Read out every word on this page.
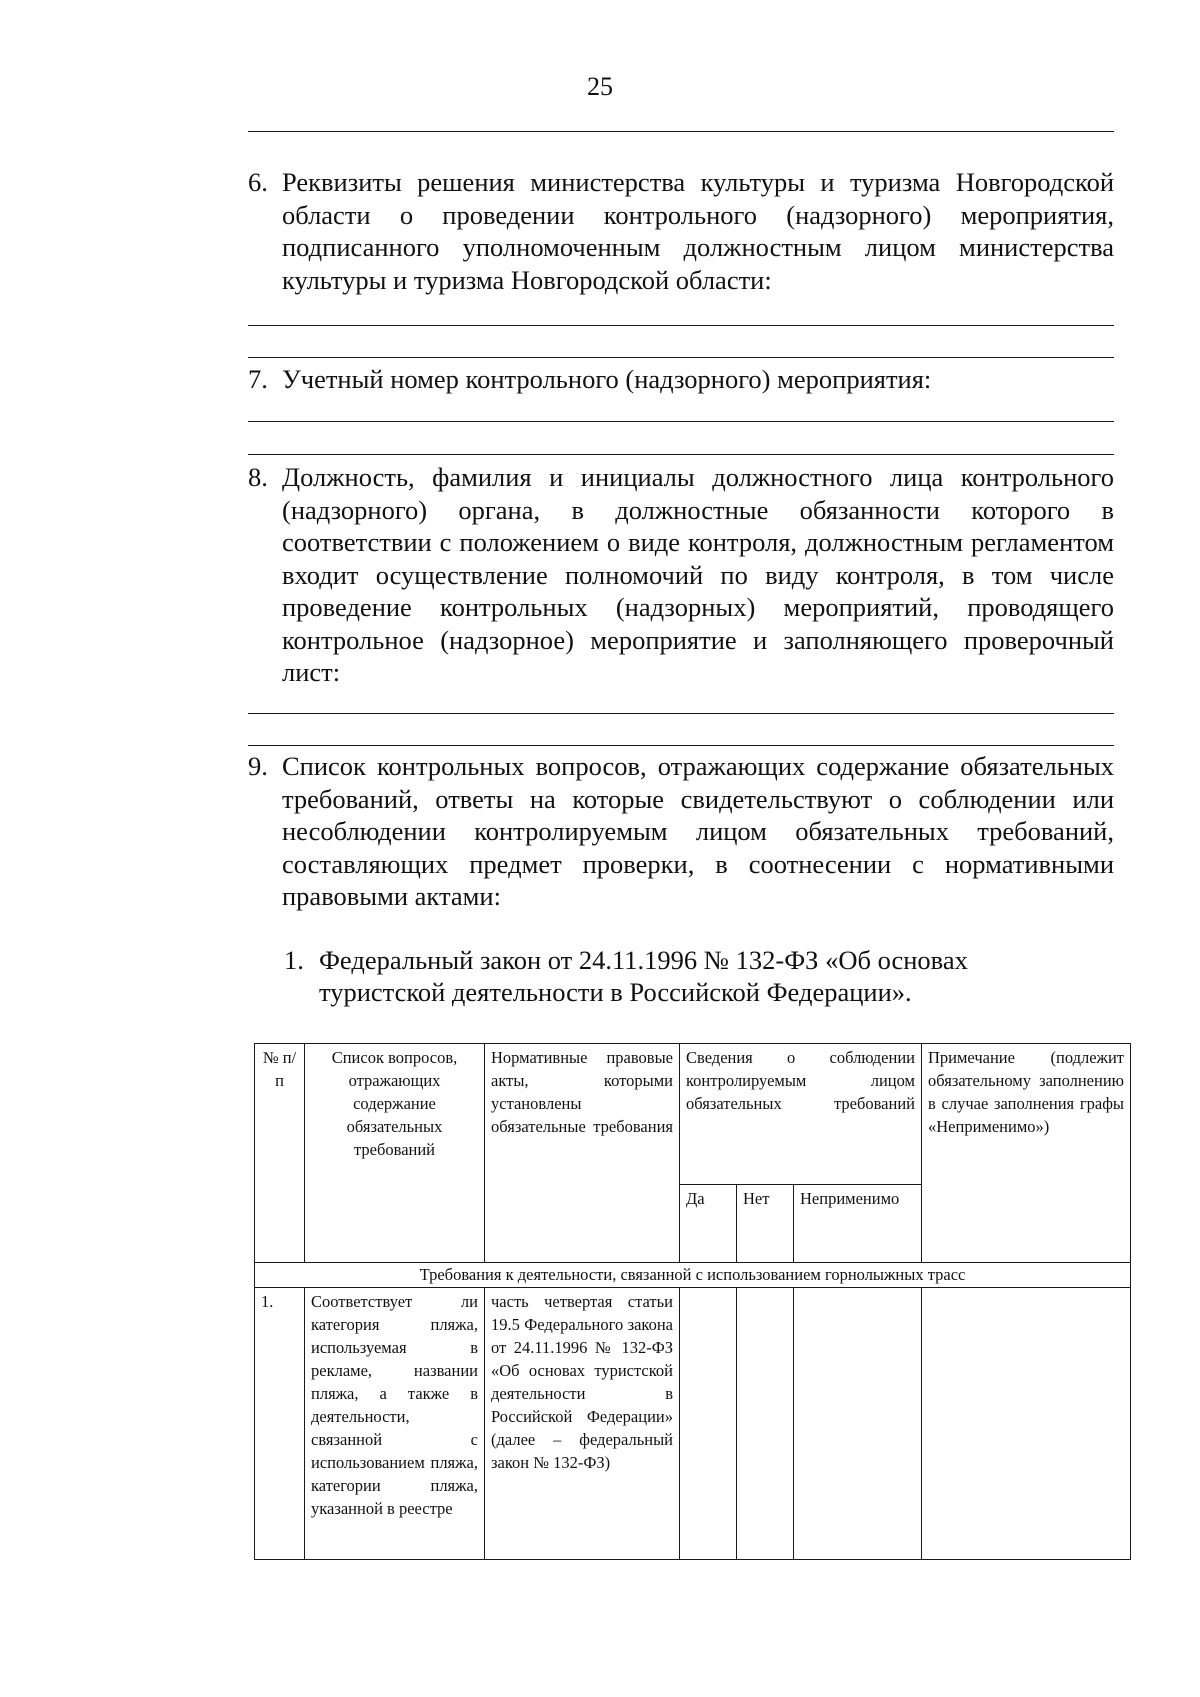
25
6. Реквизиты решения министерства культуры и туризма Новгородской области о проведении контрольного (надзорного) мероприятия, подписанного уполномоченным должностным лицом министерства культуры и туризма Новгородской области:
7. Учетный номер контрольного (надзорного) мероприятия:
8. Должность, фамилия и инициалы должностного лица контрольного (надзорного) органа, в должностные обязанности которого в соответствии с положением о виде контроля, должностным регламентом входит осуществление полномочий по виду контроля, в том числе проведение контрольных (надзорных) мероприятий, проводящего контрольное (надзорное) мероприятие и заполняющего проверочный лист:
9. Список контрольных вопросов, отражающих содержание обязательных требований, ответы на которые свидетельствуют о соблюдении или несоблюдении контролируемым лицом обязательных требований, составляющих предмет проверки, в соотнесении с нормативными правовыми актами:
1. Федеральный закон от 24.11.1996 № 132-ФЗ «Об основах туристской деятельности в Российской Федерации».
№ п/п	Список вопросов, отражающих содержание обязательных требований	Нормативные правовые акты, которыми установлены обязательные требования	Сведения о соблюдении контролируемым лицом обязательных требований			Примечание (подлежит обязательному заполнению в случае заполнения графы «Неприменимо»)
			Да	Нет	Неприменимо	
Требования к деятельности, связанной с использованием горнолыжных трасс						
1.	Соответствует ли категория пляжа, используемая в рекламе, названии пляжа, а также в деятельности, связанной с использованием пляжа, категории пляжа, указанной в реестре	часть четвертая статьи 19.5 Федерального закона от 24.11.1996 № 132-ФЗ «Об основах туристской деятельности в Российской Федерации» (далее – федеральный закон № 132-ФЗ)				
